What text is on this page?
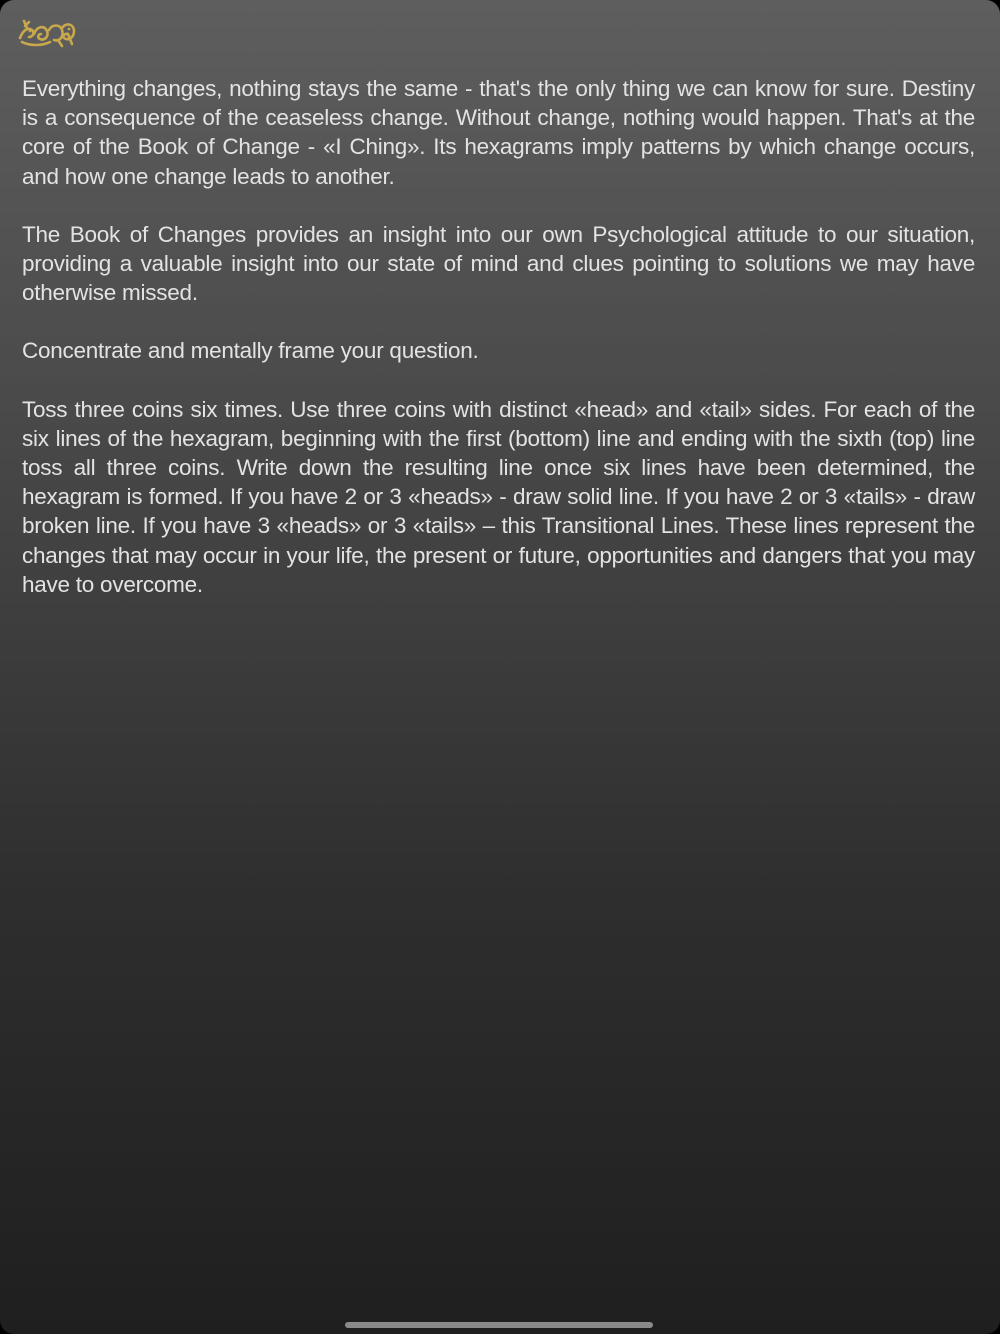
Everything changes, nothing stays the same - that's the only thing we can know for sure. Destiny is a consequence of the ceaseless change. Without change, nothing would happen. That's at the core of the Book of Change - «I Ching». Its hexagrams imply patterns by which change occurs, and how one change leads to another.

The Book of Changes provides an insight into our own Psychological attitude to our situation, providing a valuable insight into our state of mind and clues pointing to solutions we may have otherwise missed.

Concentrate and mentally frame your question.

Toss three coins six times. Use three coins with distinct «head» and «tail» sides. For each of the six lines of the hexagram, beginning with the first (bottom) line and ending with the sixth (top) line toss all three coins. Write down the resulting line once six lines have been determined, the hexagram is formed. If you have 2 or 3 «heads» - draw solid line. If you have 2 or 3 «tails» - draw broken line. If you have 3 «heads» or 3 «tails» – this Transitional Lines. These lines represent the changes that may occur in your life, the present or future, opportunities and dangers that you may have to overcome.
